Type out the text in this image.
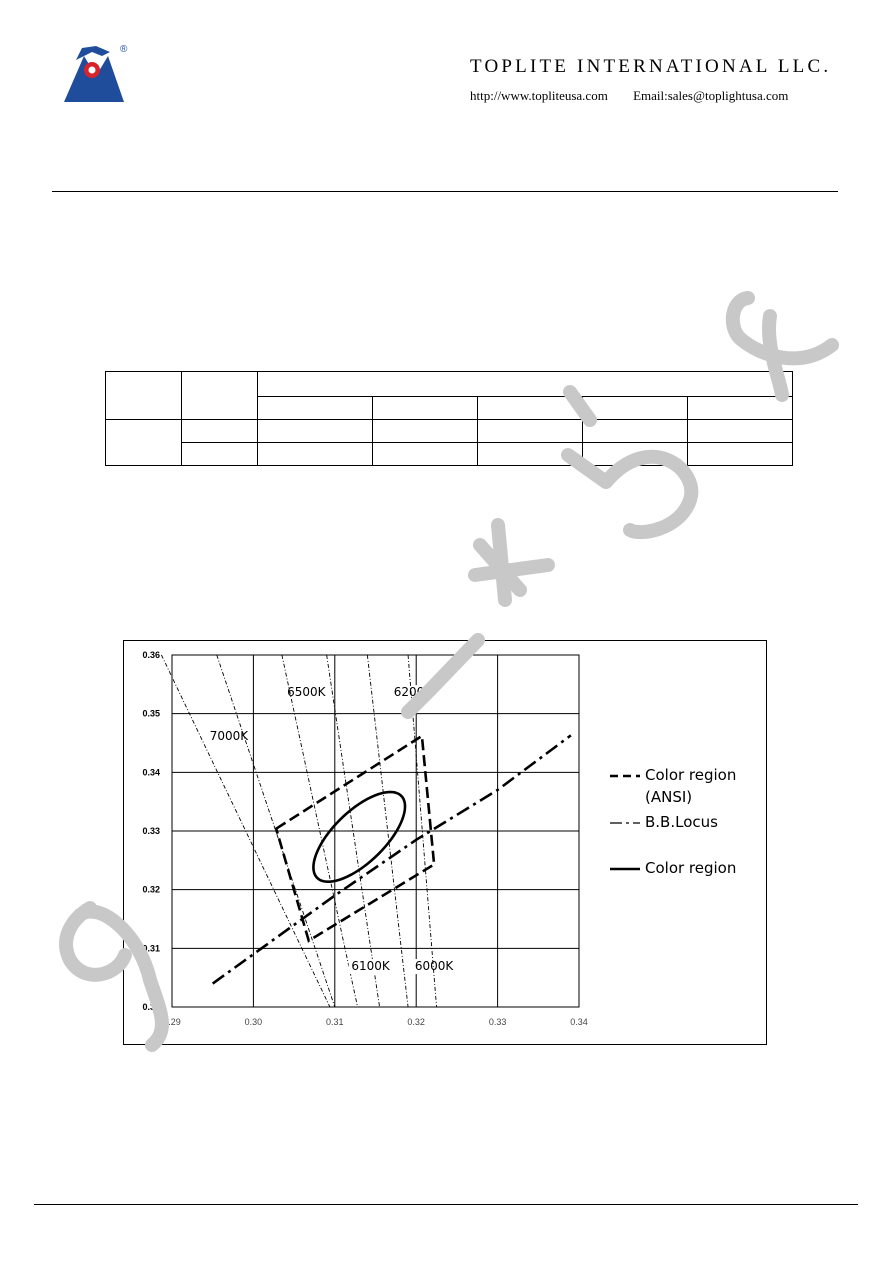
®
TOPLITE INTERNATIONAL LLC.
http://www.topliteusa.com Email:sales@toplightusa.com

0.29	0.30	0.31	0.32	0.33	0.34
0.30
0.31
0.32
0.33
0.34
0.35
0.36
7000K
6500K	6200K
6100K 6000K
Color region
(ANSI)
B.B.Locus
Color region
